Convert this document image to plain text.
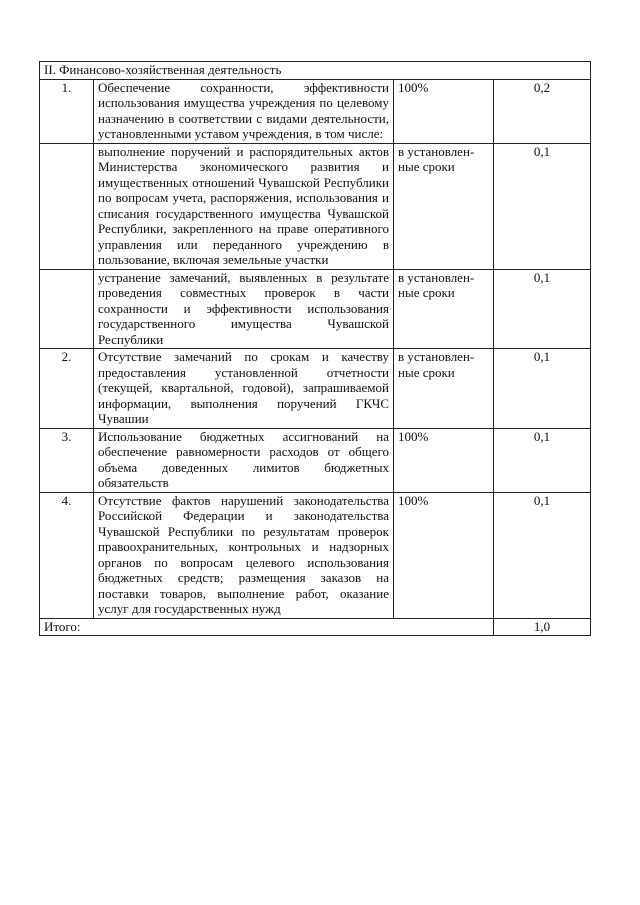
II. Финансово-хозяйственная деятельность			
1.	Обеспечение сохранности, эффективности использования имущества учреждения по целевому назначению в соответствии с видами деятельности, установленными уставом учреждения, в том числе:	100%	0,2
	выполнение поручений и распорядительных актов Министерства экономического развития и имущественных отношений Чувашской Республики по вопросам учета, распоряжения, использования и списания государственного имущества Чувашской Республики, закрепленного на праве оперативного управления или переданного учреждению в пользование, включая земельные участки	в установлен-ные сроки	0,1
	устранение замечаний, выявленных в результате проведения совместных проверок в части сохранности и эффективности использования государственного имущества Чувашской Республики	в установлен-ные сроки	0,1
2.	Отсутствие замечаний по срокам и качеству предоставления установленной отчетности (текущей, квартальной, годовой), запрашиваемой информации, выполнения поручений ГКЧС Чувашии	в установлен-ные сроки	0,1
3.	Использование бюджетных ассигнований на обеспечение равномерности расходов от общего объема доведенных лимитов бюджетных обязательств	100%	0,1
4.	Отсутствие фактов нарушений законодательства Российской Федерации и законодательства Чувашской Республики по результатам проверок правоохранительных, контрольных и надзорных органов по вопросам целевого использования бюджетных средств; размещения заказов на поставки товаров, выполнение работ, оказание услуг для государственных нужд	100%	0,1
Итого:			1,0
